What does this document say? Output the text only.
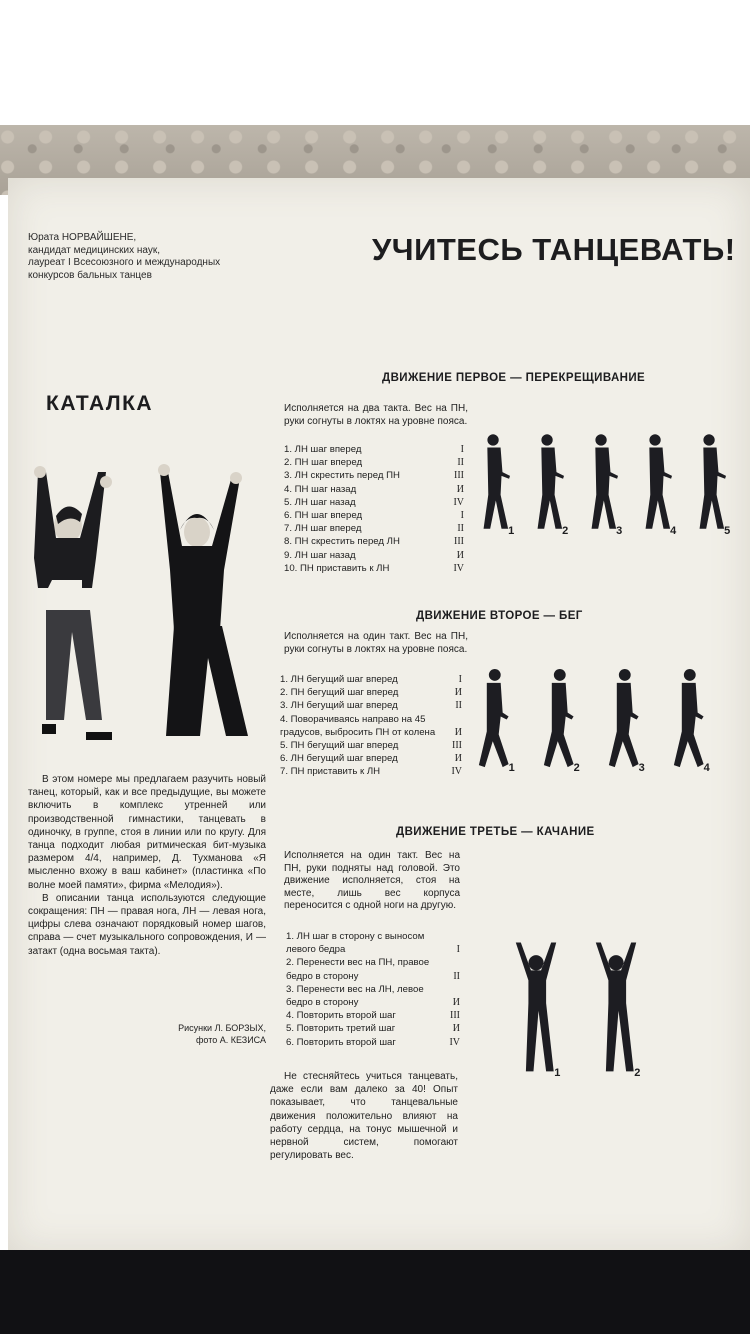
Юрата НОРВАЙШЕНЕ,
кандидат медицинских наук,
лауреат I Всесоюзного и международных
конкурсов бальных танцев
УЧИТЕСЬ ТАНЦЕВАТЬ!
КАТАЛКА

В этом номере мы предлагаем разучить новый танец, который, как и все предыдущие, вы можете включить в комплекс утренней или производственной гимнастики, танцевать в одиночку, в группе, стоя в линии или по кругу. Для танца подходит любая ритмическая бит-музыка размером 4/4, например, Д. Тухманова «Я мысленно вхожу в ваш кабинет» (пластинка «По волне моей памяти», фирма «Мелодия»).

В описании танца используются следующие сокращения: ПН — правая нога, ЛН — левая нога, цифры слева означают порядковый номер шагов, справа — счет музыкального сопровождения, И — затакт (одна восьмая такта).

Рисунки Л. БОРЗЫХ,
фото А. КЕЗИСА
ДВИЖЕНИЕ ПЕРВОЕ — ПЕРЕКРЕЩИВАНИЕ
Исполняется на два такта. Вес на ПН, руки согнуты в локтях на уровне пояса.
1. ЛН шаг вперед	I
2. ПН шаг вперед	II
3. ЛН скрестить перед ПН	III
4. ПН шаг назад	И
5. ЛН шаг назад	IV
6. ПН шаг вперед	I
7. ЛН шаг вперед	II
8. ПН скрестить перед ЛН	III
9. ЛН шаг назад	И
10. ПН приставить к ЛН	IV
1	2	3	4	5
ДВИЖЕНИЕ ВТОРОЕ — БЕГ
Исполняется на один такт. Вес на ПН, руки согнуты в локтях на уровне пояса.
1. ЛН бегущий шаг вперед	I
2. ПН бегущий шаг вперед	И
3. ЛН бегущий шаг вперед	II
4. Поворачиваясь направо на 45 градусов, выбросить ПН от колена	И
5. ПН бегущий шаг вперед	III
6. ЛН бегущий шаг вперед	И
7. ПН приставить к ЛН	IV	1	2	3	4
ДВИЖЕНИЕ ТРЕТЬЕ — КАЧАНИЕ
Исполняется на один такт. Вес на ПН, руки подняты над головой. Это движение исполняется, стоя на месте, лишь вес корпуса переносится с одной ноги на другую.
1. ЛН шаг в сторону с выносом левого бедра	I
2. Перенести вес на ПН, правое бедро в сторону	II
3. Перенести вес на ЛН, левое бедро в сторону	И
4. Повторить второй шаг	III
5. Повторить третий шаг	И
6. Повторить второй шаг	IV
1	2

Не стесняйтесь учиться танцевать, даже если вам далеко за 40! Опыт показывает, что танцевальные движения положительно влияют на работу сердца, на тонус мышечной и нервной систем, помогают регулировать вес.
